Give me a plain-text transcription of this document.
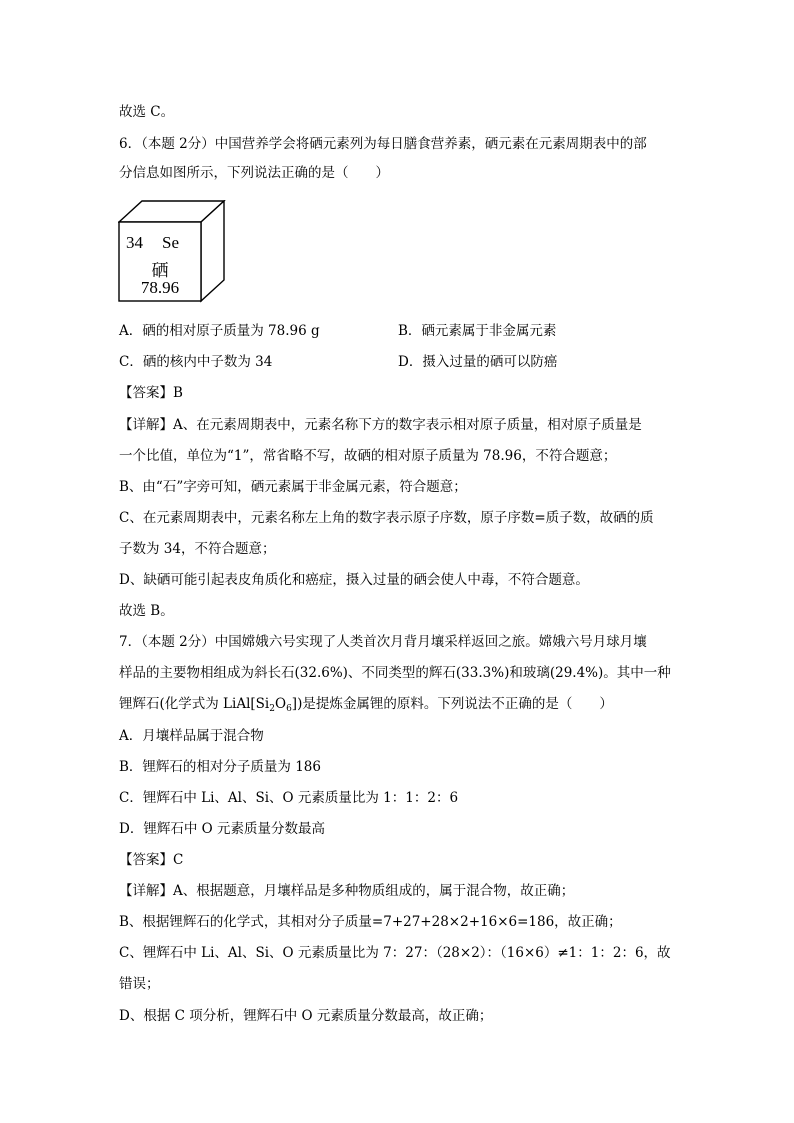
故选 C。
6．（本题 2分）中国营养学会将硒元素列为每日膳食营养素，硒元素在元素周期表中的部
分信息如图所示，下列说法正确的是（　　）
34	Se
硒
78.96
A．硒的相对原子质量为 78.96 g	B．硒元素属于非金属元素
C．硒的核内中子数为 34	D．摄入过量的硒可以防癌
【答案】B
【详解】A、在元素周期表中，元素名称下方的数字表示相对原子质量，相对原子质量是
一个比值，单位为“1”，常省略不写，故硒的相对原子质量为 78.96，不符合题意；
B、由“石”字旁可知，硒元素属于非金属元素，符合题意；
C、在元素周期表中，元素名称左上角的数字表示原子序数，原子序数=质子数，故硒的质
子数为 34，不符合题意；
D、缺硒可能引起表皮角质化和癌症，摄入过量的硒会使人中毒，不符合题意。
故选 B。
7．（本题 2分）中国嫦娥六号实现了人类首次月背月壤采样返回之旅。嫦娥六号月球月壤
样品的主要物相组成为斜长石(32.6%)、不同类型的辉石(33.3%)和玻璃(29.4%)。其中一种
锂辉石(化学式为 $LiAl[Si_2O_6]$)是提炼金属锂的原料。下列说法不正确的是（　　）
A．月壤样品属于混合物
B．锂辉石的相对分子质量为 186
C．锂辉石中 Li、Al、Si、O 元素质量比为 1：1：2：6
D．锂辉石中 O 元素质量分数最高
【答案】C
【详解】A、根据题意，月壤样品是多种物质组成的，属于混合物，故正确；
B、根据锂辉石的化学式，其相对分子质量=7+27+28×2+16×6=186，故正确；
C、锂辉石中 Li、Al、Si、O 元素质量比为 7：27：（28×2）：（16×6）≠1：1：2：6，故
错误；
D、根据 C 项分析，锂辉石中 O 元素质量分数最高，故正确；
